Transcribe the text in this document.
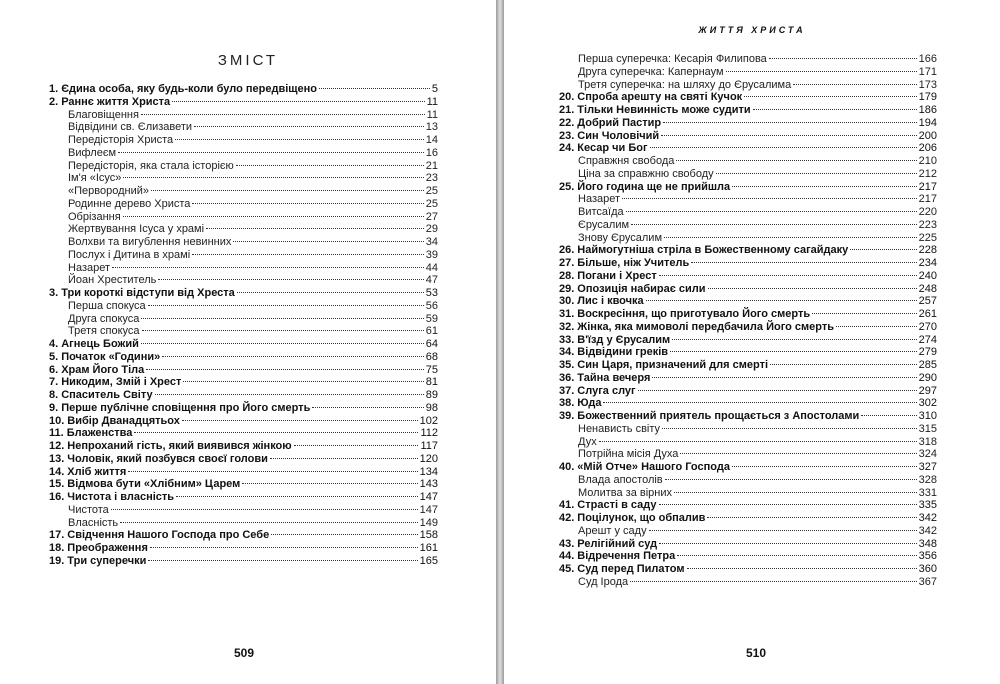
ЗМІСТ
1. Єдина особа, яку будь-коли було передвіщено	5
2. Раннє життя Христа	11
Благовіщення	11
Відвідини св. Єлизавети	13
Передісторія Христа	14
Вифлеєм	16
Передісторія, яка стала історією	21
Ім'я «Ісус»	23
«Первородний»	25
Родинне дерево Христа	25
Обрізання	27
Жертвування Ісуса у храмі	29
Волхви та вигублення невинних	34
Послух і Дитина в храмі	39
Назарет	44
Йоан Хреститель	47
3. Три короткі відступи від Хреста	53
Перша спокуса	56
Друга спокуса	59
Третя спокуса	61
4. Агнець Божий	64
5. Початок «Години»	68
6. Храм Його Тіла	75
7. Никодим, Змій і Хрест	81
8. Спаситель Світу	89
9. Перше публічне сповіщення про Його смерть	98
10. Вибір Дванадцятьох	102
11. Блаженства	112
12. Непроханий гість, який виявився жінкою	117
13. Чоловік, який позбувся своєї голови	120
14. Хліб життя	134
15. Відмова бути «Хлібним» Царем	143
16. Чистота і власність	147
Чистота	147
Власність	149
17. Свідчення Нашого Господа про Себе	158
18. Преображення	161
19. Три суперечки	165
509
ЖИТТЯ ХРИСТА
Перша суперечка: Кесарія Филипова	166
Друга суперечка: Капернаум	171
Третя суперечка: на шляху до Єрусалима	173
20. Спроба арешту на святі Кучок	179
21. Тільки Невинність може судити	186
22. Добрий Пастир	194
23. Син Чоловічий	200
24. Кесар чи Бог	206
Справжня свобода	210
Ціна за справжню свободу	212
25. Його година ще не прийшла	217
Назарет	217
Витсаїда	220
Єрусалим	223
Знову Єрусалим	225
26. Наймогутніша стріла в Божественному сагайдаку	228
27. Більше, ніж Учитель	234
28. Погани і Хрест	240
29. Опозиція набирає сили	248
30. Лис і квочка	257
31. Воскресіння, що приготувало Його смерть	261
32. Жінка, яка мимоволі передбачила Його смерть	270
33. В'їзд у Єрусалим	274
34. Відвідини греків	279
35. Син Царя, призначений для смерті	285
36. Тайна вечеря	290
37. Слуга слуг	297
38. Юда	302
39. Божественний приятель прощається з Апостолами	310
Ненависть світу	315
Дух	318
Потрійна місія Духа	324
40. «Мій Отче» Нашого Господа	327
Влада апостолів	328
Молитва за вірних	331
41. Страсті в саду	335
42. Поцілунок, що обпалив	342
Арешт у саду	342
43. Релігійний суд	348
44. Відречення Петра	356
45. Суд перед Пилатом	360
Суд Ірода	367
510
